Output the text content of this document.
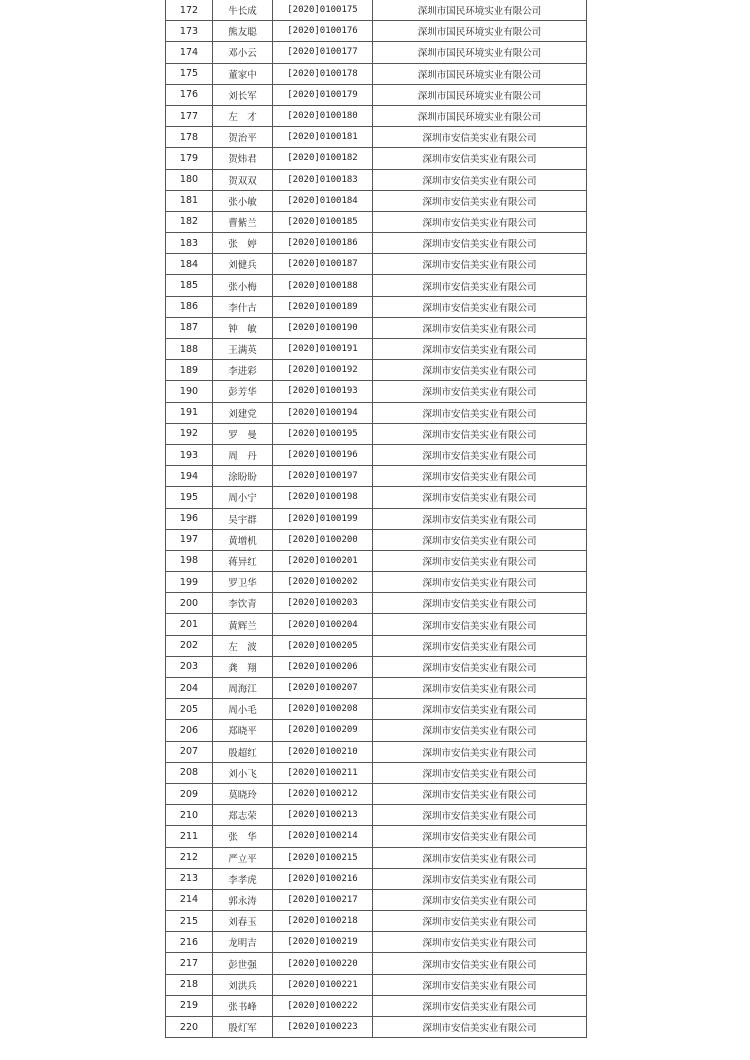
172	牛长成	[2020]0100175	深圳市国民环境实业有限公司
173	熊友聪	[2020]0100176	深圳市国民环境实业有限公司
174	邓小云	[2020]0100177	深圳市国民环境实业有限公司
175	董家中	[2020]0100178	深圳市国民环境实业有限公司
176	刘长军	[2020]0100179	深圳市国民环境实业有限公司
177	左　才	[2020]0100180	深圳市国民环境实业有限公司
178	贺治平	[2020]0100181	深圳市安信美实业有限公司
179	贺炜君	[2020]0100182	深圳市安信美实业有限公司
180	贺双双	[2020]0100183	深圳市安信美实业有限公司
181	张小敏	[2020]0100184	深圳市安信美实业有限公司
182	曹紫兰	[2020]0100185	深圳市安信美实业有限公司
183	张　婷	[2020]0100186	深圳市安信美实业有限公司
184	刘健兵	[2020]0100187	深圳市安信美实业有限公司
185	张小梅	[2020]0100188	深圳市安信美实业有限公司
186	李什古	[2020]0100189	深圳市安信美实业有限公司
187	钟　敏	[2020]0100190	深圳市安信美实业有限公司
188	王满英	[2020]0100191	深圳市安信美实业有限公司
189	李进彩	[2020]0100192	深圳市安信美实业有限公司
190	彭芳华	[2020]0100193	深圳市安信美实业有限公司
191	刘建党	[2020]0100194	深圳市安信美实业有限公司
192	罗　曼	[2020]0100195	深圳市安信美实业有限公司
193	周　丹	[2020]0100196	深圳市安信美实业有限公司
194	涂盼盼	[2020]0100197	深圳市安信美实业有限公司
195	周小宁	[2020]0100198	深圳市安信美实业有限公司
196	吴宇群	[2020]0100199	深圳市安信美实业有限公司
197	黄增机	[2020]0100200	深圳市安信美实业有限公司
198	蒋异红	[2020]0100201	深圳市安信美实业有限公司
199	罗卫华	[2020]0100202	深圳市安信美实业有限公司
200	李饮青	[2020]0100203	深圳市安信美实业有限公司
201	黄辉兰	[2020]0100204	深圳市安信美实业有限公司
202	左　波	[2020]0100205	深圳市安信美实业有限公司
203	龚　翔	[2020]0100206	深圳市安信美实业有限公司
204	周海江	[2020]0100207	深圳市安信美实业有限公司
205	周小毛	[2020]0100208	深圳市安信美实业有限公司
206	郑晓平	[2020]0100209	深圳市安信美实业有限公司
207	殷超红	[2020]0100210	深圳市安信美实业有限公司
208	刘小飞	[2020]0100211	深圳市安信美实业有限公司
209	莫晓玲	[2020]0100212	深圳市安信美实业有限公司
210	郑志荣	[2020]0100213	深圳市安信美实业有限公司
211	张　华	[2020]0100214	深圳市安信美实业有限公司
212	严立平	[2020]0100215	深圳市安信美实业有限公司
213	李孝虎	[2020]0100216	深圳市安信美实业有限公司
214	郭永涛	[2020]0100217	深圳市安信美实业有限公司
215	刘春玉	[2020]0100218	深圳市安信美实业有限公司
216	龙明吉	[2020]0100219	深圳市安信美实业有限公司
217	彭世强	[2020]0100220	深圳市安信美实业有限公司
218	刘洪兵	[2020]0100221	深圳市安信美实业有限公司
219	张书峰	[2020]0100222	深圳市安信美实业有限公司
220	殷灯军	[2020]0100223	深圳市安信美实业有限公司
